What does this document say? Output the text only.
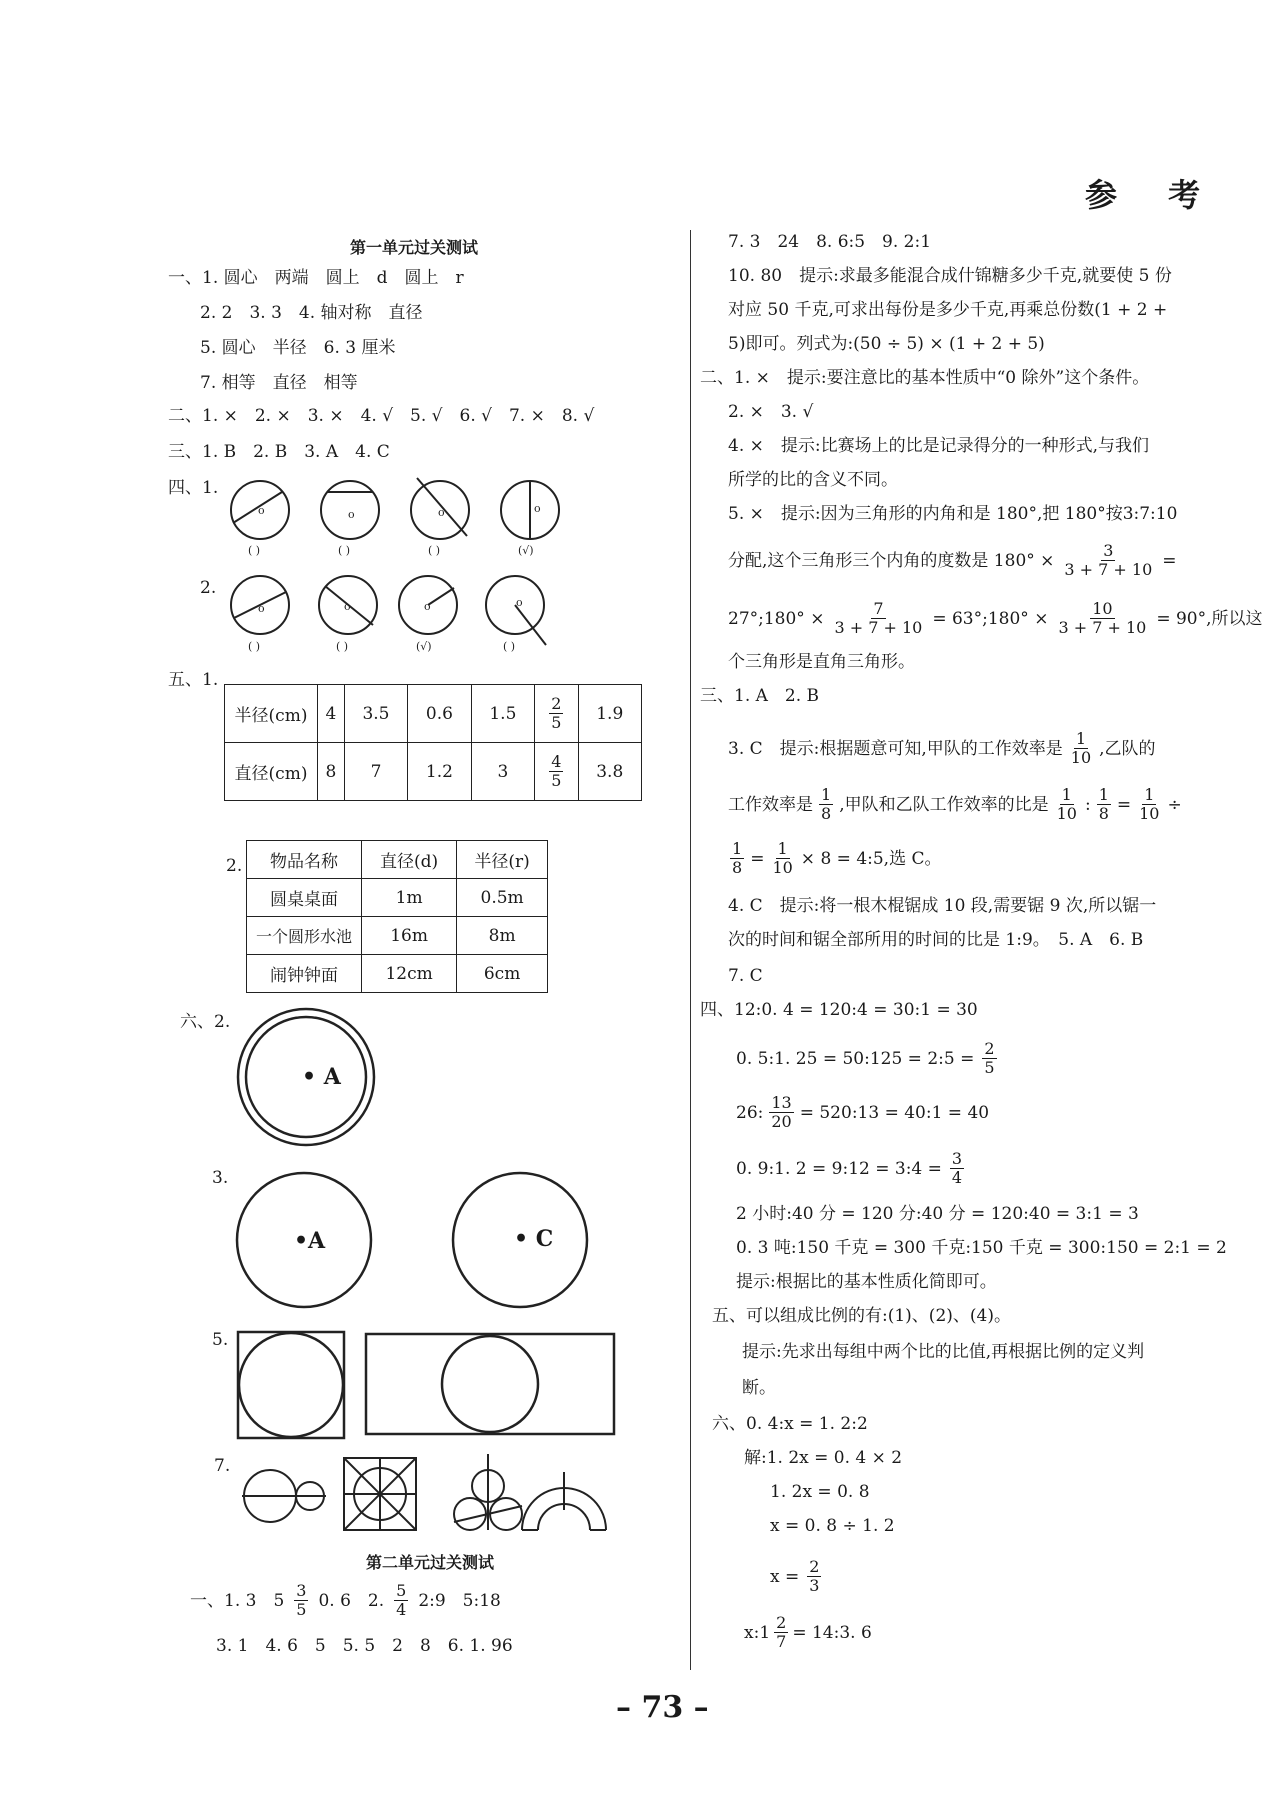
参 考
第一单元过关测试
一、1. 圆心　两端　圆上　d　圆上　r
2. 2　3. 3　4. 轴对称　直径
5. 圆心　半径　6. 3 厘米
7. 相等　直径　相等
二、1. ×　2. ×　3. ×　4. √　5. √　6. √　7. ×　8. √
三、1. B　2. B　3. A　4. C
四、1.
o	o	o	o
( )	( )	( )	(√)
2.
o	o	o	o
( )	( )	(√)	( )
五、1.
半径(cm)	4	3.5	0.6	1.5	$\frac{2}{5}$	1.9
直径(cm)	8	7	1.2	3	$\frac{4}{5}$	3.8
2. 物品名称	直径(d)	半径(r)
圆桌桌面	1m	0.5m
一个圆形水池	16m	8m
闹钟钟面	12cm	6cm
六、2.
• A
3.
•A	• C
5.
7.
第二单元过关测试
一、1. 3　$5 \frac{3}{5} 0$. 6　2. $\frac{5}{4}$ 2:9　5:18
3. 1　4. 6　5　5. 5　2　8　6. 1. 96
7. 3　24　8. 6:5　9. 2:1
10. 80　提示:求最多能混合成什锦糖多少千克,就要使 5 份
对应 50 千克,可求出每份是多少千克,再乘总份数(1 + 2 +
5)即可。列式为:(50 ÷ 5) × (1 + 2 + 5)
二、1. ×　提示:要注意比的基本性质中“0 除外”这个条件。
2. ×　3. √
4. ×　提示:比赛场上的比是记录得分的一种形式,与我们
所学的比的含义不同。
5. ×　提示:因为三角形的内角和是 180°,把 180°按3:7:10
分配,这个三角形三个内角的度数是 $180^\circ \times \frac{3}{3 + 7 + 10}$ =
27°;180° × $\frac{7}{3 + 7 + 10}$ = 63°;180° × $\frac{10}{3 + 7 + 10} = 90^\circ$,所以这
个三角形是直角三角形。
三、1. A　2. B
3. C　提示:根据题意可知,甲队的工作效率是 $\frac{1}{10}$ ,乙队的
工作效率是 $\frac{1}{8}$ ,甲队和乙队工作效率的比是 $\frac{1}{10}$ : $\frac{1}{8} = \frac{1}{10}$ ÷
$\frac{1}{8} = \frac{1}{10} \times 8$ = 4:5,选 C。
4. C　提示:将一根木棍锯成 10 段,需要锯 9 次,所以锯一
次的时间和锯全部所用的时间的比是 1:9。　5. A　6. B
7. C
四、12:0. 4 = 120:4 = 30:1 = 30
0. 5:1. 25 = 50:125 = 2:5 = $\frac{2}{5}$
26: $\frac{13}{20}$ = 520:13 = 40:1 = 40
0. 9:1. 2 = 9:12 = 3:4 = $\frac{3}{4}$
2 小时:40 分 = 120 分:40 分 = 120:40 = 3:1 = 3
0. 3 吨:150 千克 = 300 千克:150 千克 = 300:150 = 2:1 = 2
提示:根据比的基本性质化简即可。
五、可以组成比例的有:(1)、(2)、(4)。
提示:先求出每组中两个比的比值,再根据比例的定义判
断。
六、0. 4:x = 1. 2:2
解:1. 2x = 0. 4 × 2
1. 2x = 0. 8
x = 0. 8 ÷ 1. 2
$x = \frac{2}{3}$
x:1 $\frac{2}{7}$ = 14:3. 6
– 73 –
